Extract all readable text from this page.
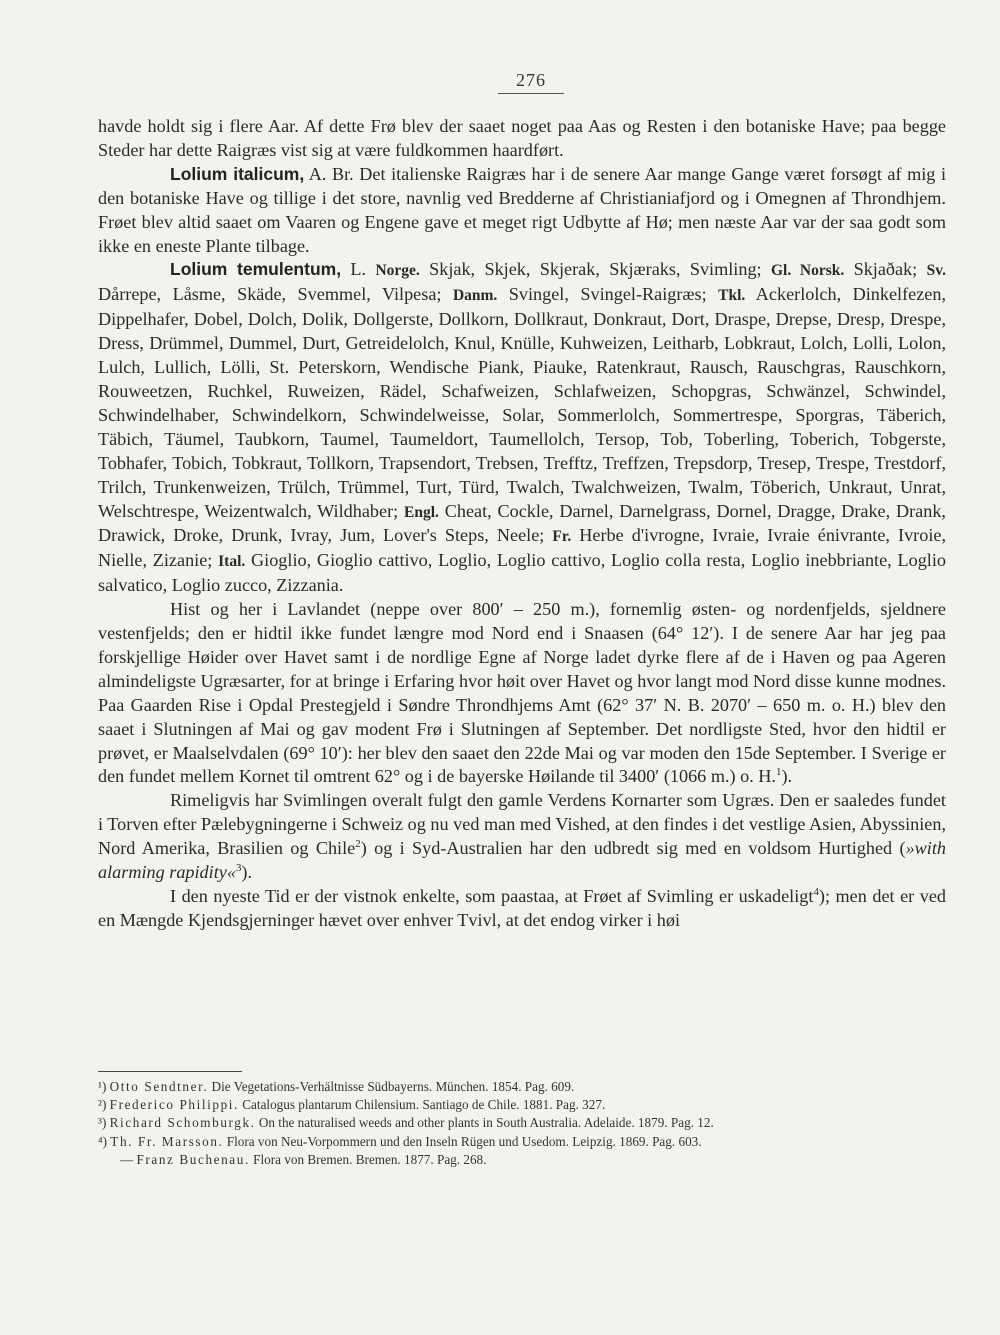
276

havde holdt sig i flere Aar. Af dette Frø blev der saaet noget paa Aas og Resten i den botaniske Have; paa begge Steder har dette Raigræs vist sig at være fuldkommen haardført.

Lolium italicum, A. Br. Det italienske Raigræs har i de senere Aar mange Gange været forsøgt af mig i den botaniske Have og tillige i det store, navnlig ved Bredderne af Christianiafjord og i Omegnen af Throndhjem. Frøet blev altid saaet om Vaaren og Engene gave et meget rigt Udbytte af Hø; men næste Aar var der saa godt som ikke en eneste Plante tilbage.

Lolium temulentum, L. Norge. Skjak, Skjek, Skjerak, Skjæraks, Svimling; Gl. Norsk. Skjaðak; Sv. Dårrepe, Låsme, Skäde, Svemmel, Vilpesa; Danm. Svingel, Svingel-Raigræs; Tkl. Ackerlolch, Dinkelfezen, Dippelhafer, Dobel, Dolch, Dolik, Dollgerste, Dollkorn, Dollkraut, Donkraut, Dort, Draspe, Drepse, Dresp, Drespe, Dress, Drümmel, Dummel, Durt, Getreidelolch, Knul, Knülle, Kuhweizen, Leitharb, Lobkraut, Lolch, Lolli, Lolon, Lulch, Lullich, Lölli, St. Peterskorn, Wendische Piank, Piauke, Ratenkraut, Rausch, Rauschgras, Rauschkorn, Rouweetzen, Ruchkel, Ruweizen, Rädel, Schafweizen, Schlafweizen, Schopgras, Schwänzel, Schwindel, Schwindelhaber, Schwindelkorn, Schwindelweisse, Solar, Sommerlolch, Sommertrespe, Sporgras, Täberich, Täbich, Täumel, Taubkorn, Taumel, Taumeldort, Taumellolch, Tersop, Tob, Toberling, Toberich, Tobgerste, Tobhafer, Tobich, Tobkraut, Tollkorn, Trapsendort, Trebsen, Trefftz, Treffzen, Trepsdorp, Tresep, Trespe, Trestdorf, Trilch, Trunkenweizen, Trülch, Trümmel, Turt, Türd, Twalch, Twalchweizen, Twalm, Töberich, Unkraut, Unrat, Welschtrespe, Weizentwalch, Wildhaber; Engl. Cheat, Cockle, Darnel, Darnelgrass, Dornel, Dragge, Drake, Drank, Drawick, Droke, Drunk, Ivray, Jum, Lover's Steps, Neele; Fr. Herbe d'ivrogne, Ivraie, Ivraie énivrante, Ivroie, Nielle, Zizanie; Ital. Gioglio, Gioglio cattivo, Loglio, Loglio cattivo, Loglio colla resta, Loglio inebbriante, Loglio salvatico, Loglio zucco, Zizzania.

Hist og her i Lavlandet (neppe over 800′ – 250 m.), fornemlig østen- og nordenfjelds, sjeldnere vestenfjelds; den er hidtil ikke fundet længre mod Nord end i Snaasen (64° 12′). I de senere Aar har jeg paa forskjellige Høider over Havet samt i de nordlige Egne af Norge ladet dyrke flere af de i Haven og paa Ageren almindeligste Ugræsarter, for at bringe i Erfaring hvor høit over Havet og hvor langt mod Nord disse kunne modnes. Paa Gaarden Rise i Opdal Prestegjeld i Søndre Throndhjems Amt (62° 37′ N. B. 2070′ – 650 m. o. H.) blev den saaet i Slutningen af Mai og gav modent Frø i Slutningen af September. Det nordligste Sted, hvor den hidtil er prøvet, er Maalselvdalen (69° 10′): her blev den saaet den 22de Mai og var moden den 15de September. I Sverige er den fundet mellem Kornet til omtrent 62° og i de bayerske Høilande til 3400′ (1066 m.) o. H.$^1$).

Rimeligvis har Svimlingen overalt fulgt den gamle Verdens Kornarter som Ugræs. Den er saaledes fundet i Torven efter Pælebygningerne i Schweiz og nu ved man med Vished, at den findes i det vestlige Asien, Abyssinien, Nord Amerika, Brasilien og Chile$^2$) og i Syd-Australien har den udbredt sig med en voldsom Hurtighed (»with alarming rapidity«$^3$).

I den nyeste Tid er der vistnok enkelte, som paastaa, at Frøet af Svimling er uskadeligt$^4$); men det er ved en Mængde Kjendsgjerninger hævet over enhver Tvivl, at det endog virker i høi

¹) Otto Sendtner. Die Vegetations-Verhältnisse Südbayerns. München. 1854. Pag. 609.

²) Frederico Philippi. Catalogus plantarum Chilensium. Santiago de Chile. 1881. Pag. 327.

³) Richard Schomburgk. On the naturalised weeds and other plants in South Australia. Adelaide. 1879. Pag. 12.

⁴) Th. Fr. Marsson. Flora von Neu-Vorpommern und den Inseln Rügen und Usedom. Leipzig. 1869. Pag. 603.

— Franz Buchenau. Flora von Bremen. Bremen. 1877. Pag. 268.
